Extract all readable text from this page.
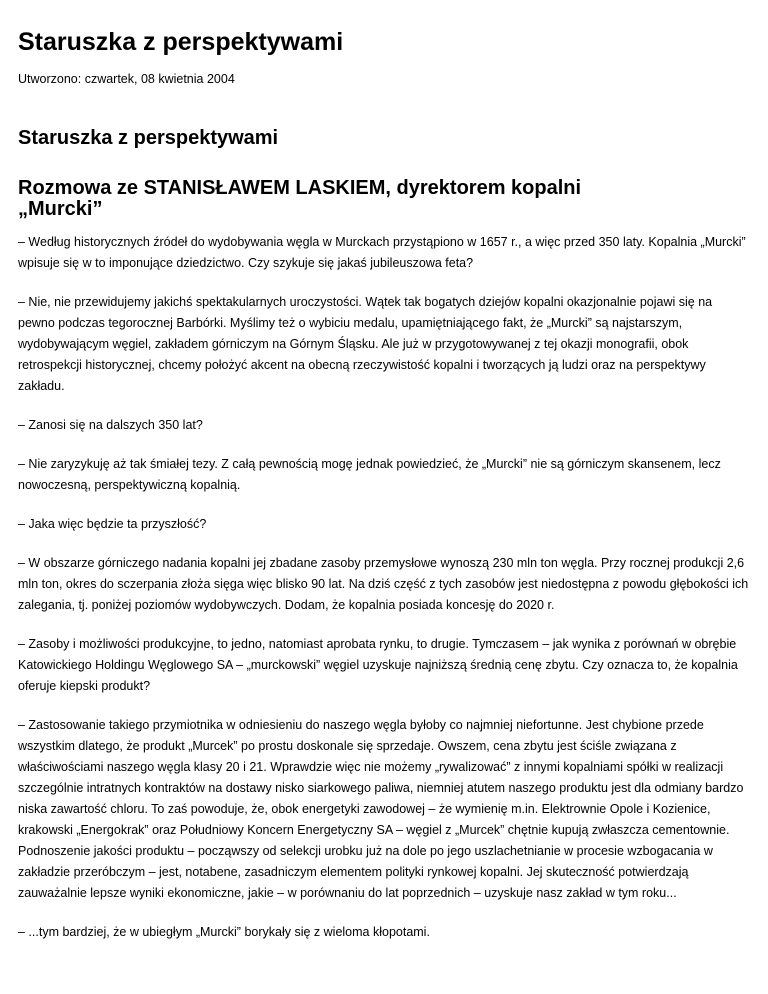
Staruszka z perspektywami
Utworzono: czwartek, 08 kwietnia 2004
Staruszka z perspektywami
Rozmowa ze STANISŁAWEM LASKIEM, dyrektorem kopalni
„Murcki”

– Według historycznych źródeł do wydobywania węgla w Murckach przystąpiono w 1657 r., a więc przed 350 laty. Kopalnia „Murcki” wpisuje się w to imponujące dziedzictwo. Czy szykuje się jakaś jubileuszowa feta?

– Nie, nie przewidujemy jakichś spektakularnych uroczystości. Wątek tak bogatych dziejów kopalni okazjonalnie pojawi się na pewno podczas tegorocznej Barbórki. Myślimy też o wybiciu medalu, upamiętniającego fakt, że „Murcki” są najstarszym, wydobywającym węgiel, zakładem górniczym na Górnym Śląsku. Ale już w przygotowywanej z tej okazji monografii, obok retrospekcji historycznej, chcemy położyć akcent na obecną rzeczywistość kopalni i tworzących ją ludzi oraz na perspektywy zakładu.

– Zanosi się na dalszych 350 lat?

– Nie zaryzykuję aż tak śmiałej tezy. Z całą pewnością mogę jednak powiedzieć, że „Murcki” nie są górniczym skansenem, lecz nowoczesną, perspektywiczną kopalnią.

– Jaka więc będzie ta przyszłość?

– W obszarze górniczego nadania kopalni jej zbadane zasoby przemysłowe wynoszą 230 mln ton węgla. Przy rocznej produkcji 2,6 mln ton, okres do sczerpania złoża sięga więc blisko 90 lat. Na dziś część z tych zasobów jest niedostępna z powodu głębokości ich zalegania, tj. poniżej poziomów wydobywczych. Dodam, że kopalnia posiada koncesję do 2020 r.

– Zasoby i możliwości produkcyjne, to jedno, natomiast aprobata rynku, to drugie. Tymczasem – jak wynika z porównań w obrębie Katowickiego Holdingu Węglowego SA – „murckowski” węgiel uzyskuje najniższą średnią cenę zbytu. Czy oznacza to, że kopalnia oferuje kiepski produkt?

– Zastosowanie takiego przymiotnika w odniesieniu do naszego węgla byłoby co najmniej niefortunne. Jest chybione przede wszystkim dlatego, że produkt „Murcek” po prostu doskonale się sprzedaje. Owszem, cena zbytu jest ściśle związana z właściwościami naszego węgla klasy 20 i 21. Wprawdzie więc nie możemy „rywalizować” z innymi kopalniami spółki w realizacji szczególnie intratnych kontraktów na dostawy nisko siarkowego paliwa, niemniej atutem naszego produktu jest dla odmiany bardzo niska zawartość chloru. To zaś powoduje, że, obok energetyki zawodowej – że wymienię m.in. Elektrownie Opole i Kozienice, krakowski „Energokrak” oraz Południowy Koncern Energetyczny SA – węgiel z „Murcek” chętnie kupują zwłaszcza cementownie. Podnoszenie jakości produktu – począwszy od selekcji urobku już na dole po jego uszlachetnianie w procesie wzbogacania w zakładzie przeróbczym – jest, notabene, zasadniczym elementem polityki rynkowej kopalni. Jej skuteczność potwierdzają zauważalnie lepsze wyniki ekonomiczne, jakie – w porównaniu do lat poprzednich – uzyskuje nasz zakład w tym roku...

– ...tym bardziej, że w ubiegłym „Murcki” borykały się z wieloma kłopotami.
